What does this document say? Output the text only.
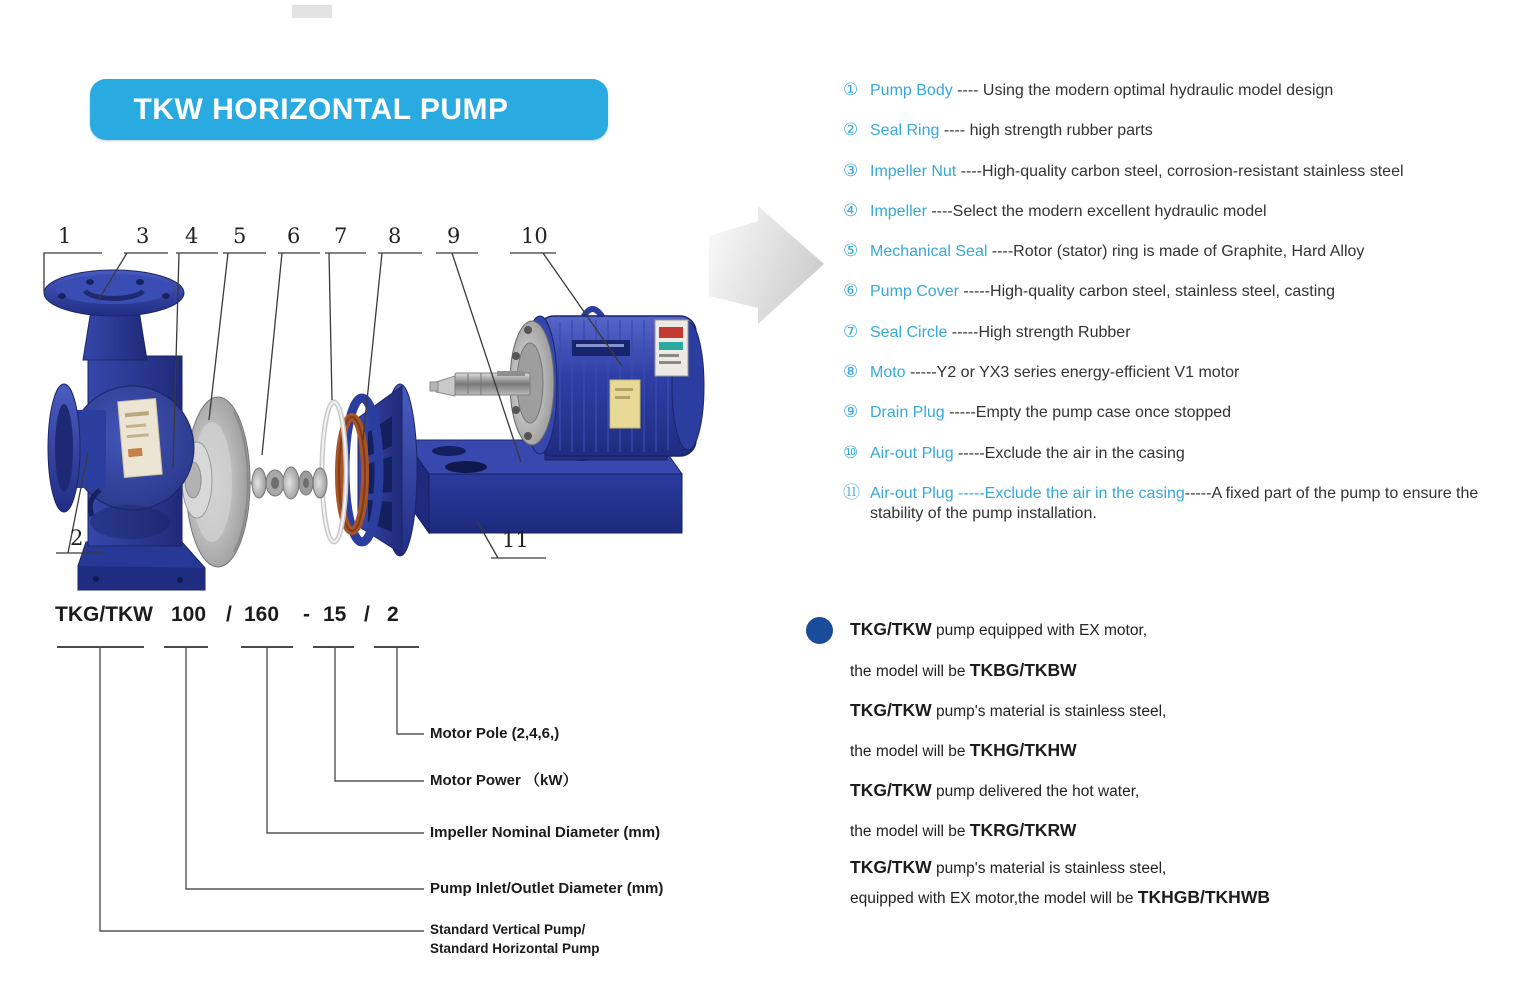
TKW HORIZONTAL PUMP
1
2
3 4 5 6 7 8 9	10
11
① Pump Body ---- Using the modern optimal hydraulic model design
② Seal Ring ---- high strength rubber parts
③ Impeller Nut ----High-quality carbon steel, corrosion-resistant stainless steel
④ Impeller ----Select the modern excellent hydraulic model
⑤ Mechanical Seal ----Rotor (stator) ring is made of Graphite, Hard Alloy
⑥ Pump Cover -----High-quality carbon steel, stainless steel, casting
⑦ Seal Circle -----High strength Rubber
⑧ Moto -----Y2 or YX3 series energy-efficient V1 motor
⑨ Drain Plug -----Empty the pump case once stopped
⑩ Air-out Plug -----Exclude the air in the casing
⑪ Air-out Plug -----Exclude the air in the casing-----A fixed part of the pump to ensure the stability of the pump installation.
TKG/TKW 100 / 160 - 15 / 2
Motor Pole (2,4,6,)
Motor Power （kW）
Impeller Nominal Diameter (mm)
Pump Inlet/Outlet Diameter (mm)
Standard Vertical Pump/
Standard Horizontal Pump
TKG/TKW pump equipped with EX motor,
the model will be TKBG/TKBW
TKG/TKW pump's material is stainless steel,
the model will be TKHG/TKHW
TKG/TKW pump delivered the hot water,
the model will be TKRG/TKRW
TKG/TKW pump's material is stainless steel,
equipped with EX motor,the model will be TKHGB/TKHWB
